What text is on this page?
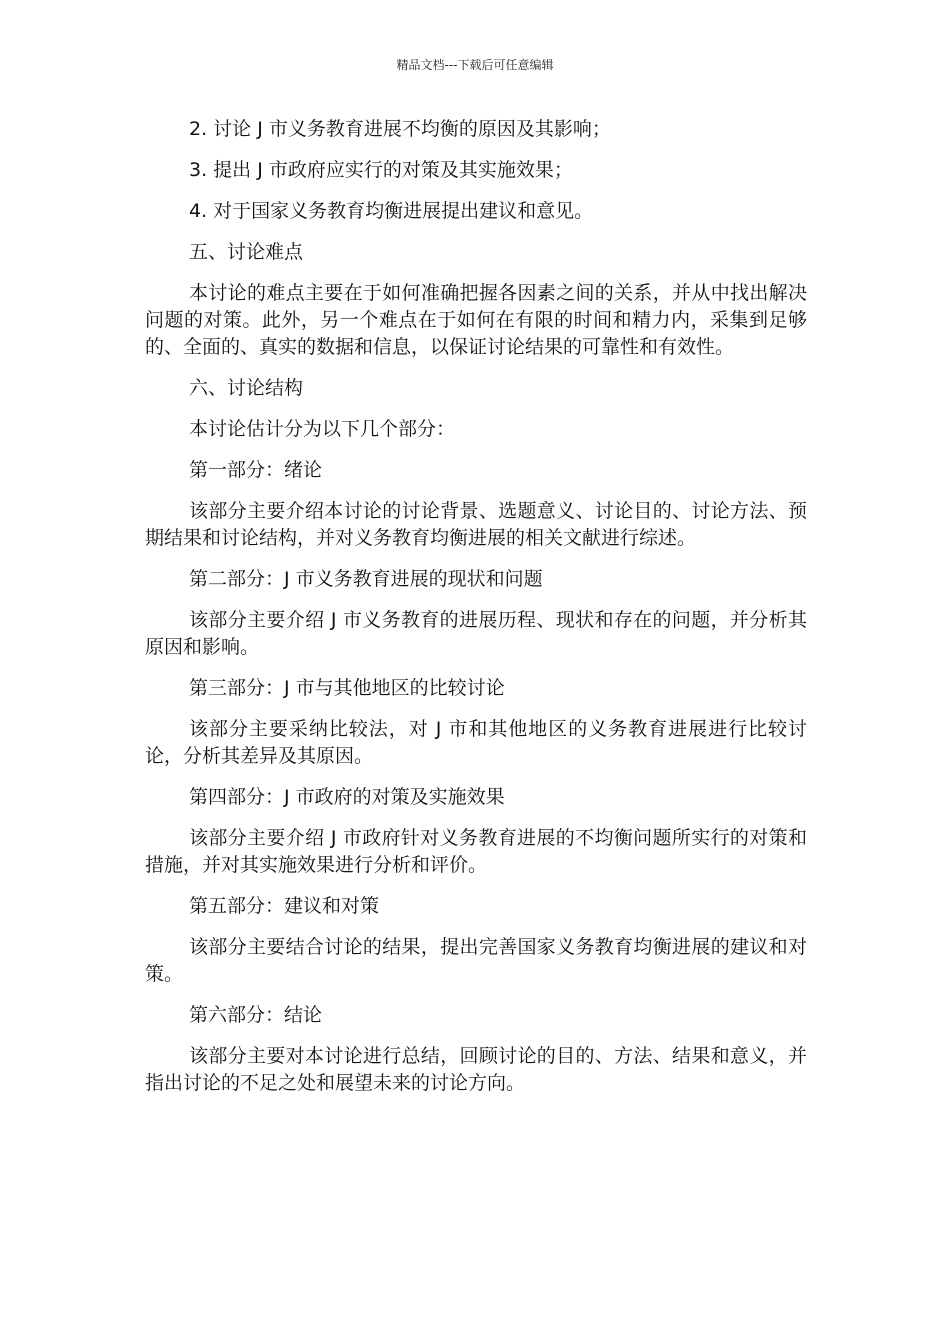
精品文档---下载后可任意编辑

2. 讨论 J 市义务教育进展不均衡的原因及其影响；

3. 提出 J 市政府应实行的对策及其实施效果；

4. 对于国家义务教育均衡进展提出建议和意见。

五、讨论难点

本讨论的难点主要在于如何准确把握各因素之间的关系，并从中找出解决问题的对策。此外，另一个难点在于如何在有限的时间和精力内，采集到足够的、全面的、真实的数据和信息，以保证讨论结果的可靠性和有效性。

六、讨论结构

本讨论估计分为以下几个部分：

第一部分：绪论

该部分主要介绍本讨论的讨论背景、选题意义、讨论目的、讨论方法、预期结果和讨论结构，并对义务教育均衡进展的相关文献进行综述。

第二部分：J 市义务教育进展的现状和问题

该部分主要介绍 J 市义务教育的进展历程、现状和存在的问题，并分析其原因和影响。

第三部分：J 市与其他地区的比较讨论

该部分主要采纳比较法，对 J 市和其他地区的义务教育进展进行比较讨论，分析其差异及其原因。

第四部分：J 市政府的对策及实施效果

该部分主要介绍 J 市政府针对义务教育进展的不均衡问题所实行的对策和措施，并对其实施效果进行分析和评价。

第五部分：建议和对策

该部分主要结合讨论的结果，提出完善国家义务教育均衡进展的建议和对策。

第六部分：结论

该部分主要对本讨论进行总结，回顾讨论的目的、方法、结果和意义，并指出讨论的不足之处和展望未来的讨论方向。
